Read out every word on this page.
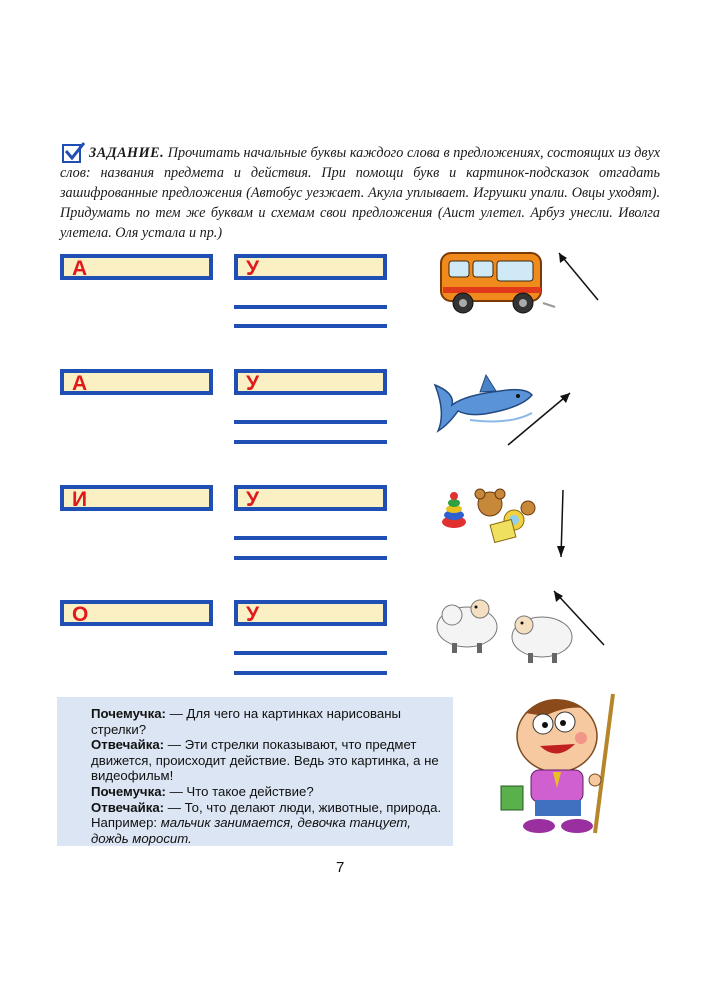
ЗАДАНИЕ. Прочитать начальные буквы каждого слова в предложениях, состоящих из двух слов: названия предмета и действия. При помощи букв и картинок-подсказок отгадать зашифрованные предложения (Автобус уезжает. Акула уплывает. Игрушки упали. Овцы уходят). Придумать по тем же буквам и схемам свои предложения (Аист улетел. Арбуз унесли. Иволга улетела. Оля устала и пр.)
А	У
А	У
И	У
О	У

Почемучка: — Для чего на картинках нарисованы стрелки?

Отвечайка: — Эти стрелки показывают, что предмет движется, происходит действие. Ведь это картинка, а не видеофильм!

Почемучка: — Что такое действие?

Отвечайка: — То, что делают люди, животные, природа. Например: мальчик занимается, девочка танцует, дождь моросит.

7
